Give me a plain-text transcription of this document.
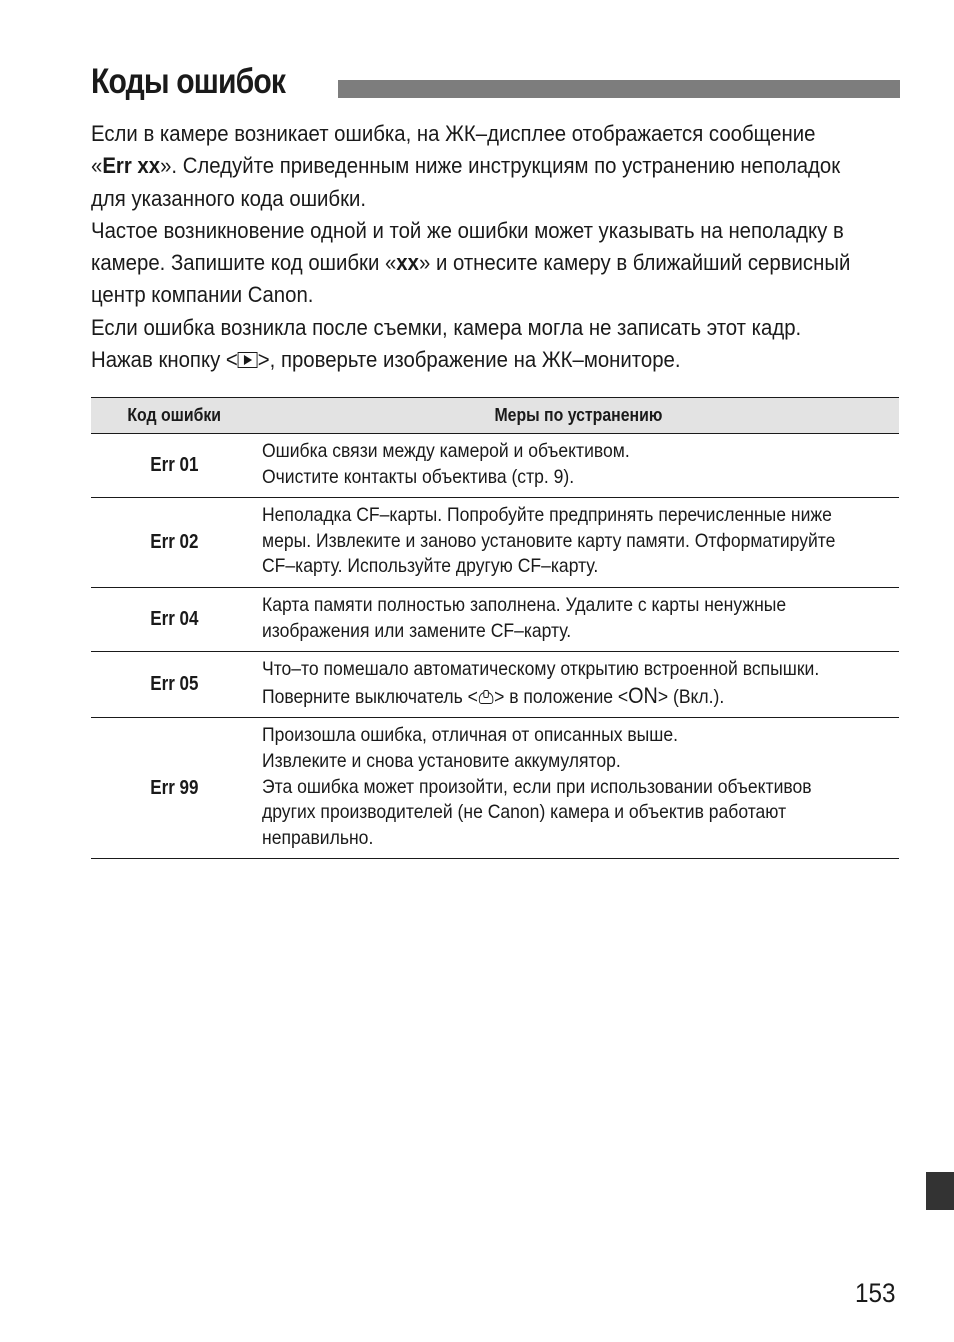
Коды ошибок

Если в камере возникает ошибка, на ЖК–дисплее отображается сообщение

«Err xx». Следуйте приведенным ниже инструкциям по устранению неполадок

для указанного кода ошибки.

Частое возникновение одной и той же ошибки может указывать на неполадку в

камере. Запишите код ошибки «xx» и отнесите камеру в ближайший сервисный

центр компании Canon.

Если ошибка возникла после съемки, камера могла не записать этот кадр.

Нажав кнопку < >, проверьте изображение на ЖК–мониторе.

Код ошибки	Меры по устранению
Err 01	Ошибка связи между камерой и объективом.
Очистите контакты объектива (стр. 9).

Err 02	Неполадка CF–карты. Попробуйте предпринять перечисленные ниже
меры. Извлеките и заново установите карту памяти. Отформатируйте
CF–карту. Используйте другую CF–карту.

Err 04	Карта памяти полностью заполнена. Удалите с карты ненужные
изображения или замените CF–карту.

Err 05	Что–то помешало автоматическому открытию встроенной вспышки.
Поверните выключатель < > в положение <ON> (Вкл.).

Err 99	Произошла ошибка, отличная от описанных выше.
Извлеките и снова установите аккумулятор.
Эта ошибка может произойти, если при использовании объективов
других производителей (не Canon) камера и объектив работают
неправильно.
153
